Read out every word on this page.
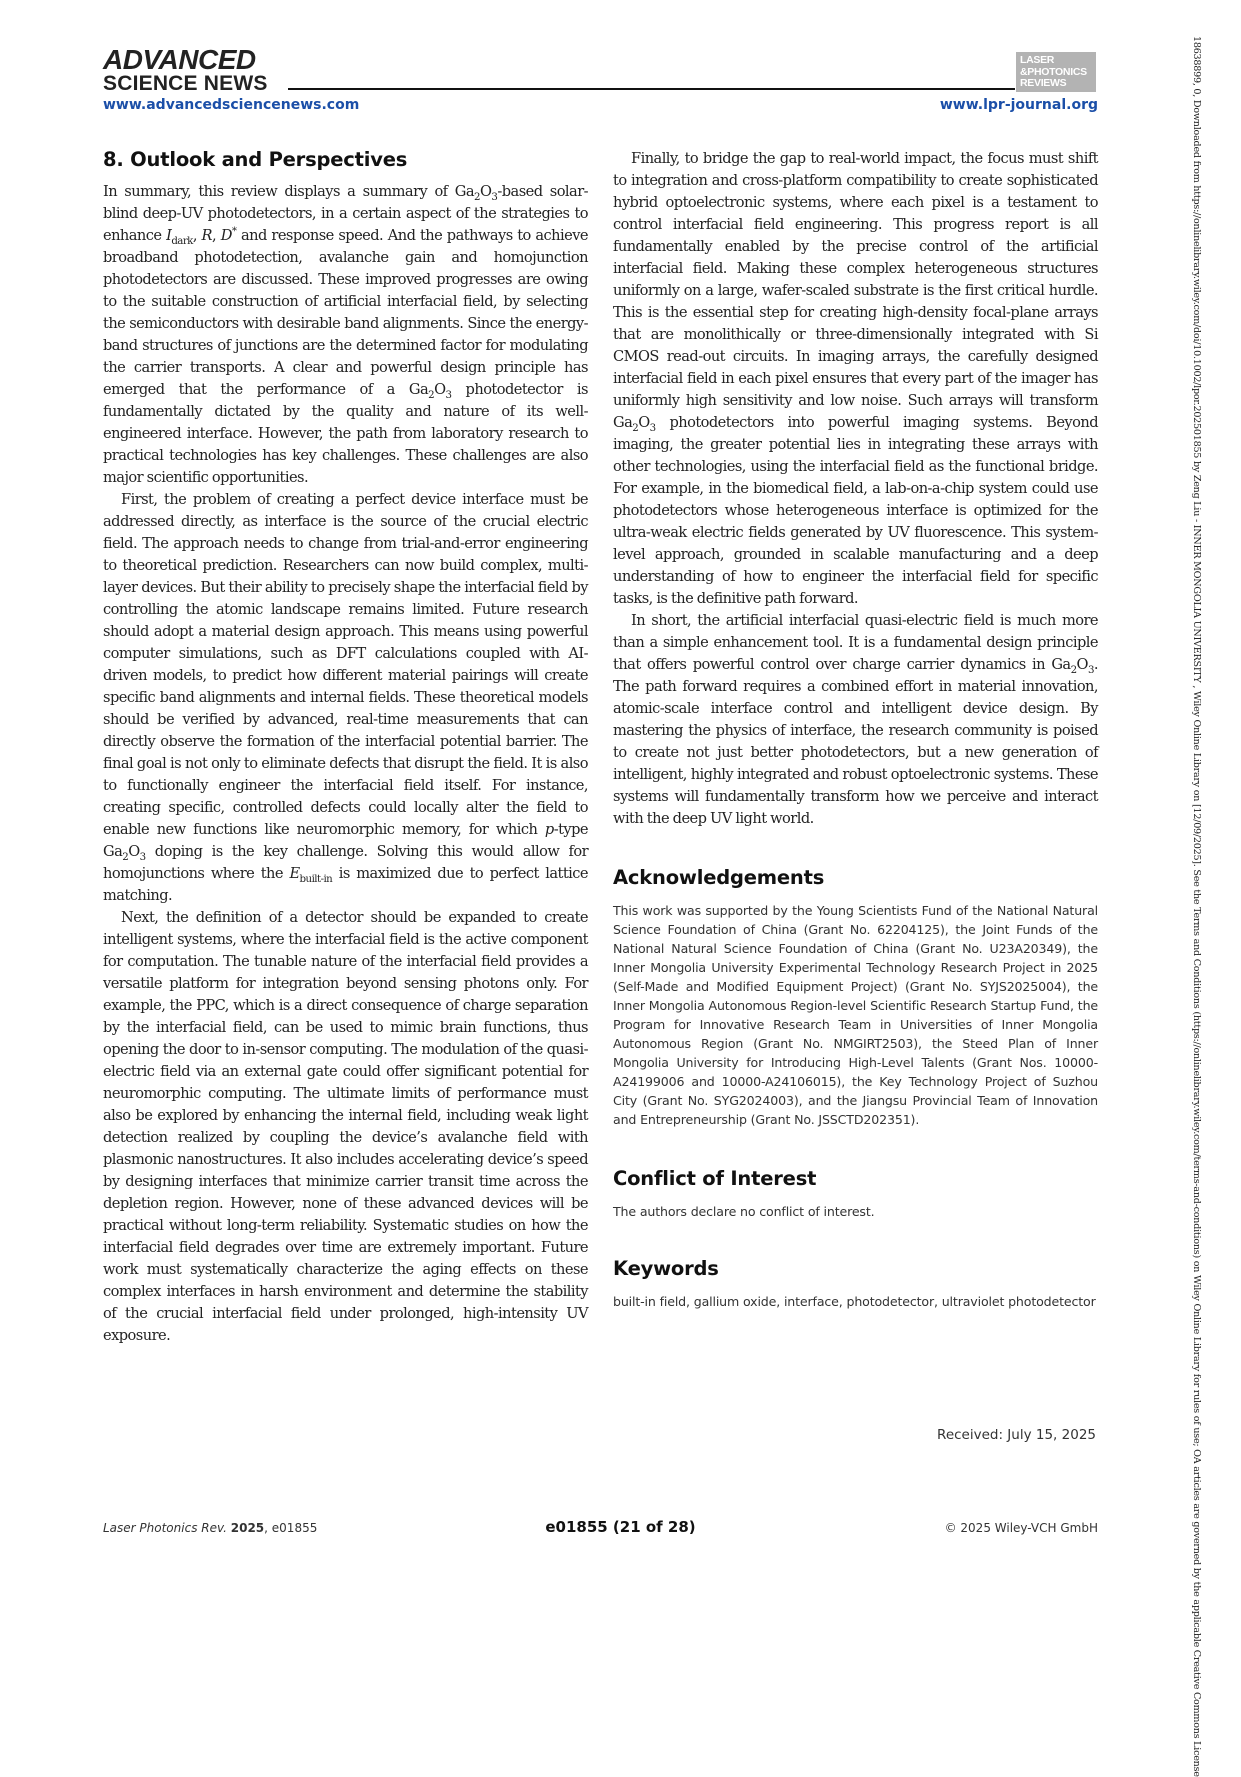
ADVANCED
SCIENCE NEWS
LASER
&PHOTONICS
REVIEWS
www.advancedsciencenews.com	www.lpr-journal.org	18638899, 0, Downloaded from https://onlinelibrary.wiley.com/doi/10.1002/lpor.202501855 by Zeng Liu - INNER MONGOLIA UNIVERSITY , Wiley Online Library on [12/09/2025]. See the Terms and Conditions (https://onlinelibrary.wiley.com/terms-and-conditions) on Wiley Online Library for rules of use; OA articles are governed by the applicable Creative Commons License
8. Outlook and Perspectives

In summary, this review displays a summary of $Ga_2O_3$-based solar-blind deep-UV photodetectors, in a certain aspect of the strategies to enhance $I_{dark}$, R, D* and response speed. And the pathways to achieve broadband photodetection, avalanche gain and homojunction photodetectors are discussed. These improved progresses are owing to the suitable construction of artificial interfacial field, by selecting the semiconductors with desirable band alignments. Since the energy-band structures of junctions are the determined factor for modulating the carrier transports. A clear and powerful design principle has emerged that the performance of a $Ga_2O_3$ photodetector is fundamentally dictated by the quality and nature of its well-engineered interface. However, the path from laboratory research to practical technologies has key challenges. These challenges are also major scientific opportunities.

First, the problem of creating a perfect device interface must be addressed directly, as interface is the source of the crucial electric field. The approach needs to change from trial-and-error engineering to theoretical prediction. Researchers can now build complex, multi-layer devices. But their ability to precisely shape the interfacial field by controlling the atomic landscape remains limited. Future research should adopt a material design approach. This means using powerful computer simulations, such as DFT calculations coupled with AI-driven models, to predict how different material pairings will create specific band alignments and internal fields. These theoretical models should be verified by advanced, real-time measurements that can directly observe the formation of the interfacial potential barrier. The final goal is not only to eliminate defects that disrupt the field. It is also to functionally engineer the interfacial field itself. For instance, creating specific, controlled defects could locally alter the field to enable new functions like neuromorphic memory, for which p-type $Ga_2O_3$ doping is the key challenge. Solving this would allow for homojunctions where the $E_{built-in}$ is maximized due to perfect lattice matching.

Next, the definition of a detector should be expanded to create intelligent systems, where the interfacial field is the active component for computation. The tunable nature of the interfacial field provides a versatile platform for integration beyond sensing photons only. For example, the PPC, which is a direct consequence of charge separation by the interfacial field, can be used to mimic brain functions, thus opening the door to in-sensor computing. The modulation of the quasi-electric field via an external gate could offer significant potential for neuromorphic computing. The ultimate limits of performance must also be explored by enhancing the internal field, including weak light detection realized by coupling the device’s avalanche field with plasmonic nanostructures. It also includes accelerating device’s speed by designing interfaces that minimize carrier transit time across the depletion region. However, none of these advanced devices will be practical without long-term reliability. Systematic studies on how the interfacial field degrades over time are extremely important. Future work must systematically characterize the aging effects on these complex interfaces in harsh environment and determine the stability of the crucial interfacial field under prolonged, high-intensity UV exposure.

Finally, to bridge the gap to real-world impact, the focus must shift to integration and cross-platform compatibility to create sophisticated hybrid optoelectronic systems, where each pixel is a testament to control interfacial field engineering. This progress report is all fundamentally enabled by the precise control of the artificial interfacial field. Making these complex heterogeneous structures uniformly on a large, wafer-scaled substrate is the first critical hurdle. This is the essential step for creating high-density focal-plane arrays that are monolithically or three-dimensionally integrated with Si CMOS read-out circuits. In imaging arrays, the carefully designed interfacial field in each pixel ensures that every part of the imager has uniformly high sensitivity and low noise. Such arrays will transform $Ga_2O_3$ photodetectors into powerful imaging systems. Beyond imaging, the greater potential lies in integrating these arrays with other technologies, using the interfacial field as the functional bridge. For example, in the biomedical field, a lab-on-a-chip system could use photodetectors whose heterogeneous interface is optimized for the ultra-weak electric fields generated by UV fluorescence. This system-level approach, grounded in scalable manufacturing and a deep understanding of how to engineer the interfacial field for specific tasks, is the definitive path forward.

In short, the artificial interfacial quasi-electric field is much more than a simple enhancement tool. It is a fundamental design principle that offers powerful control over charge carrier dynamics in $Ga_2O_3$. The path forward requires a combined effort in material innovation, atomic-scale interface control and intelligent device design. By mastering the physics of interface, the research community is poised to create not just better photodetectors, but a new generation of intelligent, highly integrated and robust optoelectronic systems. These systems will fundamentally transform how we perceive and interact with the deep UV light world.

Acknowledgements

This work was supported by the Young Scientists Fund of the National Natural Science Foundation of China (Grant No. 62204125), the Joint Funds of the National Natural Science Foundation of China (Grant No. U23A20349), the Inner Mongolia University Experimental Technology Research Project in 2025 (Self-Made and Modified Equipment Project) (Grant No. SYJS2025004), the Inner Mongolia Autonomous Region-level Scientific Research Startup Fund, the Program for Innovative Research Team in Universities of Inner Mongolia Autonomous Region (Grant No. NMGIRT2503), the Steed Plan of Inner Mongolia University for Introducing High-Level Talents (Grant Nos. 10000-A24199006 and 10000-A24106015), the Key Technology Project of Suzhou City (Grant No. SYG2024003), and the Jiangsu Provincial Team of Innovation and Entrepreneurship (Grant No. JSSCTD202351).

Conflict of Interest

The authors declare no conflict of interest.

Keywords

built-in field, gallium oxide, interface, photodetector, ultraviolet photodetector

Received: July 15, 2025
Laser Photonics Rev. 2025, e01855	e01855 (21 of 28)	© 2025 Wiley-VCH GmbH
